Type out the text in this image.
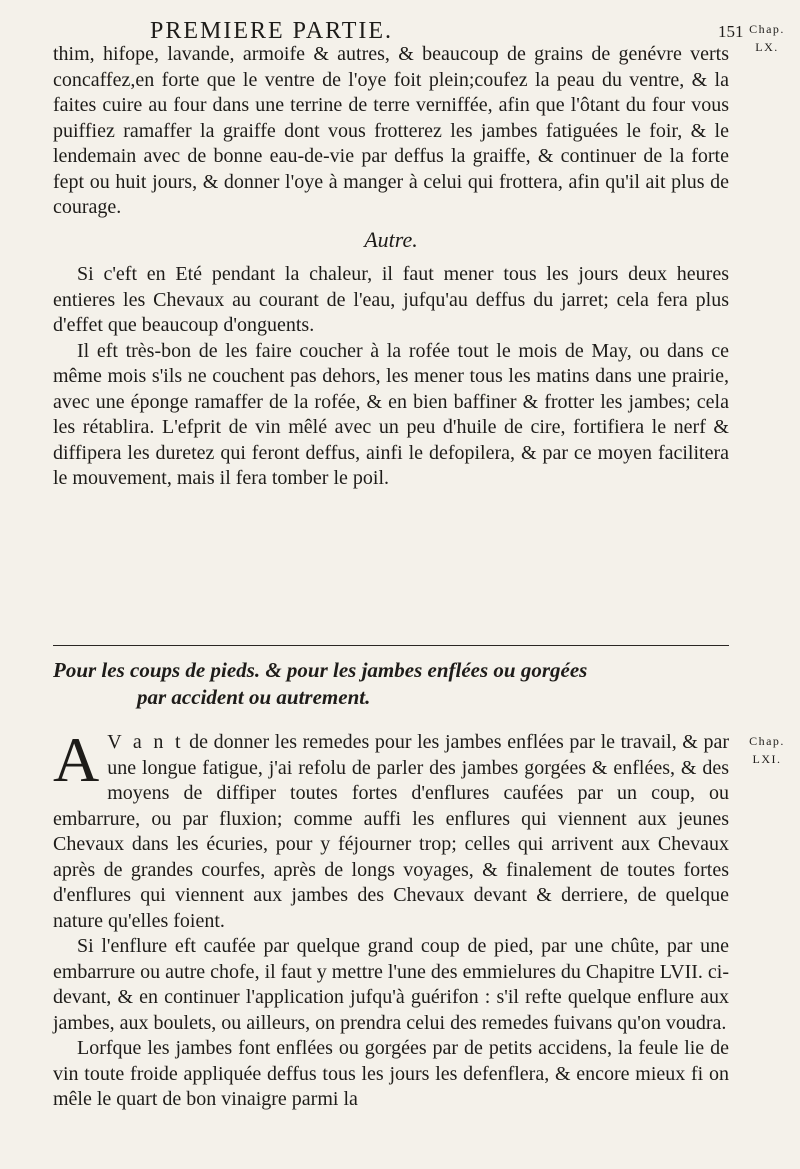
PREMIERE PARTIE.	151 Chap.
LX.

thim, hifope, lavande, armoife & autres, & beaucoup de grains de genévre verts concaffez,en forte que le ventre de l'oye foit plein;coufez la peau du ventre, & la faites cuire au four dans une terrine de terre verniffée, afin que l'ôtant du four vous puiffiez ramaffer la graiffe dont vous frotterez les jambes fatiguées le foir, & le lendemain avec de bonne eau-de-vie par deffus la graiffe, & continuer de la forte fept ou huit jours, & donner l'oye à manger à celui qui frottera, afin qu'il ait plus de courage.

Autre.

Si c'eft en Eté pendant la chaleur, il faut mener tous les jours deux heures entieres les Chevaux au courant de l'eau, jufqu'au deffus du jarret; cela fera plus d'effet que beaucoup d'onguents.

Il eft très-bon de les faire coucher à la rofée tout le mois de May, ou dans ce même mois s'ils ne couchent pas dehors, les mener tous les matins dans une prairie, avec une éponge ramaffer de la rofée, & en bien baffiner & frotter les jambes; cela les rétablira. L'efprit de vin mêlé avec un peu d'huile de cire, fortifiera le nerf & diffipera les duretez qui feront deffus, ainfi le defopilera, & par ce moyen facilitera le mouvement, mais il fera tomber le poil.

Pour les coups de pieds. & pour les jambes enflées ou gorgées
par accident ou autrement.
Chap.
LXI.

A V a n t de donner les remedes pour les jambes enflées par le travail, & par une longue fatigue, j'ai refolu de parler des jambes gorgées & enflées, & des moyens de diffiper toutes fortes d'enflures caufées par un coup, ou embarrure, ou par fluxion; comme auffi les enflures qui viennent aux jeunes Chevaux dans les écuries, pour y féjourner trop; celles qui arrivent aux Chevaux après de grandes courfes, après de longs voyages, & finalement de toutes fortes d'enflures qui viennent aux jambes des Chevaux devant & derriere, de quelque nature qu'elles foient.

Si l'enflure eft caufée par quelque grand coup de pied, par une chûte, par une embarrure ou autre chofe, il faut y mettre l'une des emmielures du Chapitre LVII. ci-devant, & en continuer l'application jufqu'à guérifon : s'il refte quelque enflure aux jambes, aux boulets, ou ailleurs, on prendra celui des remedes fuivans qu'on voudra.

Lorfque les jambes font enflées ou gorgées par de petits accidens, la feule lie de vin toute froide appliquée deffus tous les jours les defenflera, & encore mieux fi on mêle le quart de bon vinaigre parmi la
